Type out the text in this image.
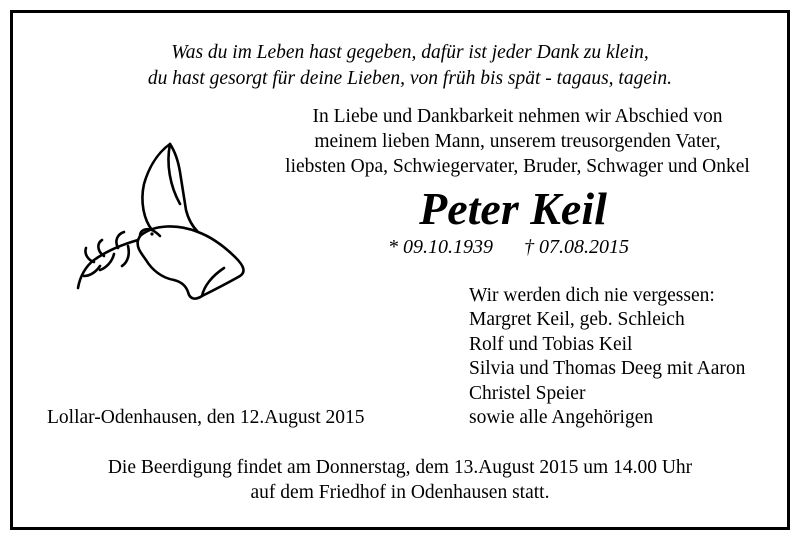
Was du im Leben hast gegeben, dafür ist jeder Dank zu klein,
du hast gesorgt für deine Lieben, von früh bis spät - tagaus, tagein.
In Liebe und Dankbarkeit nehmen wir Abschied von
meinem lieben Mann, unserem treusorgenden Vater,
liebsten Opa, Schwiegervater, Bruder, Schwager und Onkel
Peter Keil
* 09.10.1939 † 07.08.2015
Wir werden dich nie vergessen:
Margret Keil, geb. Schleich
Rolf und Tobias Keil
Silvia und Thomas Deeg mit Aaron
Christel Speier
sowie alle Angehörigen
Lollar-Odenhausen, den 12.August 2015
Die Beerdigung findet am Donnerstag, dem 13.August 2015 um 14.00 Uhr
auf dem Friedhof in Odenhausen statt.
